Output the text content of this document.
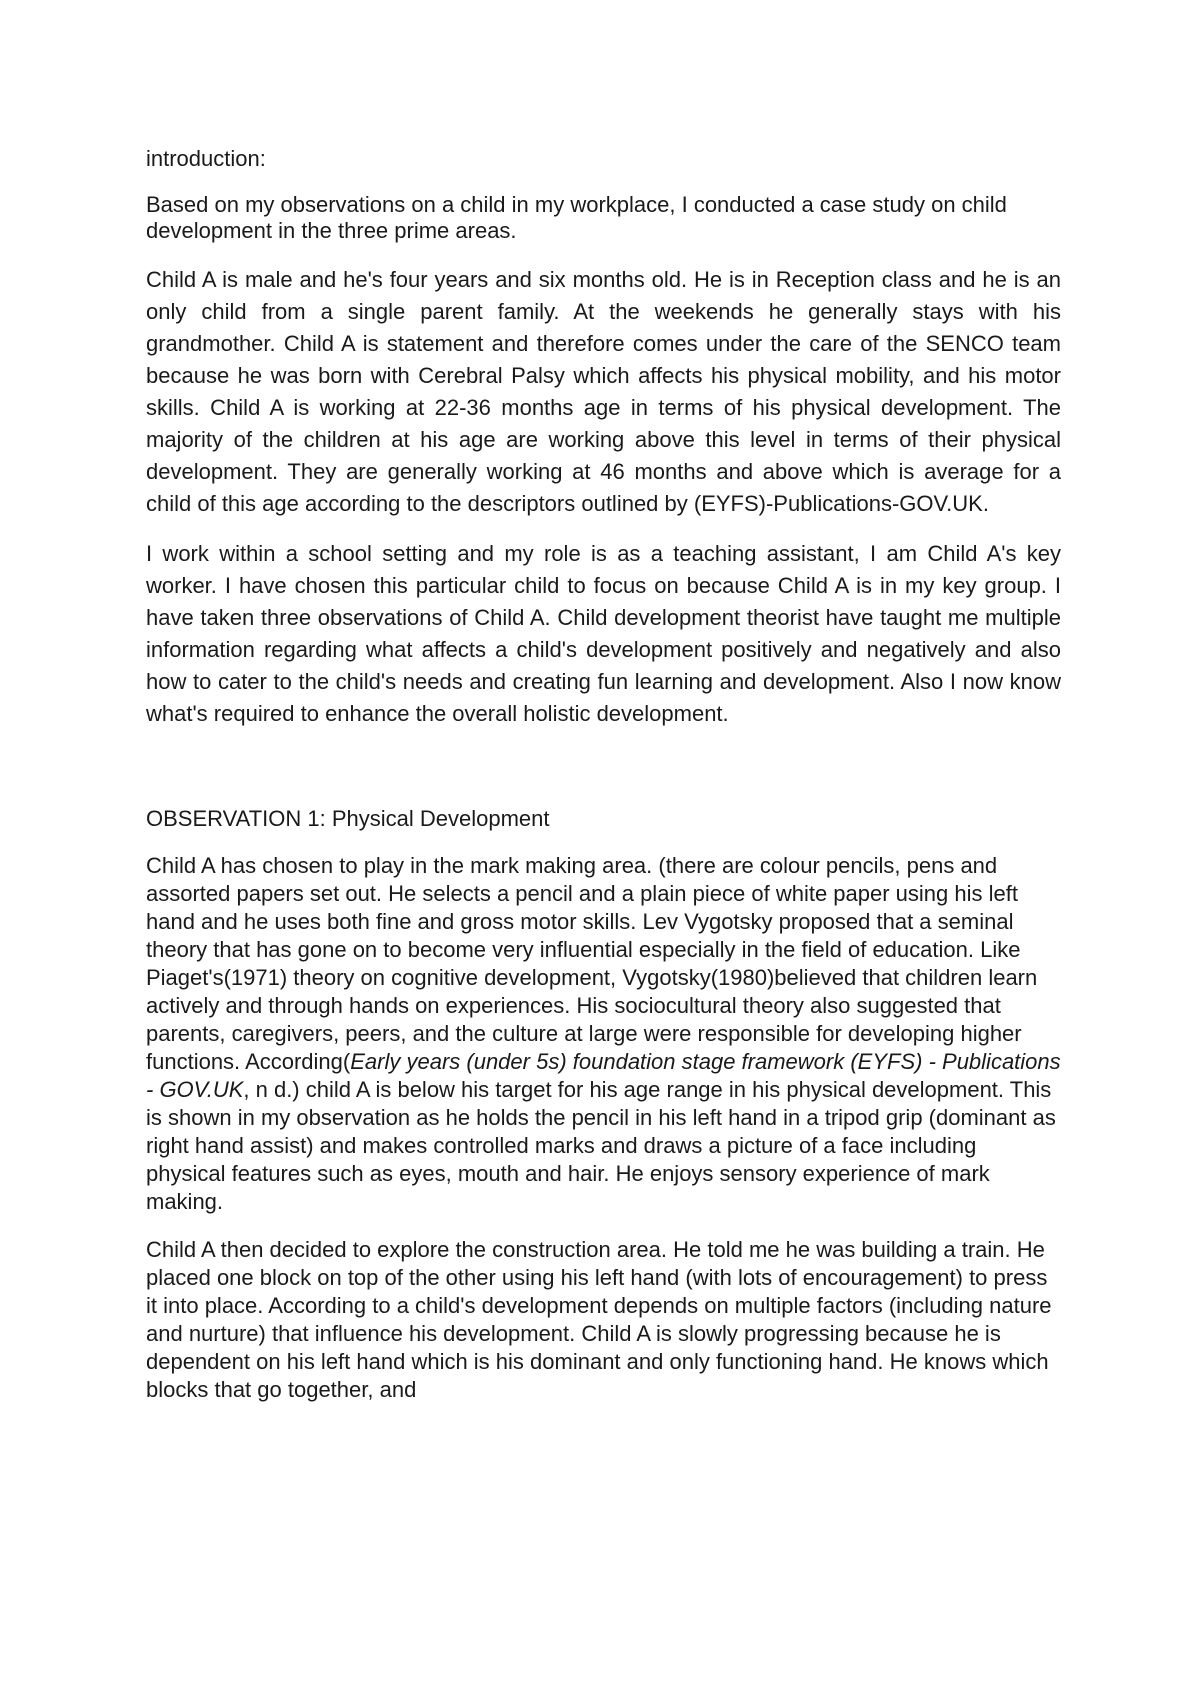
introduction:

Based on my observations on a child in my workplace, I conducted a case study on child development in the three prime areas.

Child A is male and he's four years and six months old. He is in Reception class and he is an only child from a single parent family. At the weekends he generally stays with his grandmother. Child A is statement and therefore comes under the care of the SENCO team because he was born with Cerebral Palsy which affects his physical mobility, and his motor skills. Child A is working at 22-36 months age in terms of his physical development. The majority of the children at his age are working above this level in terms of their physical development. They are generally working at 46 months and above which is average for a child of this age according to the descriptors outlined by (EYFS)-Publications-GOV.UK.

I work within a school setting and my role is as a teaching assistant, I am Child A's key worker. I have chosen this particular child to focus on because Child A is in my key group. I have taken three observations of Child A. Child development theorist have taught me multiple information regarding what affects a child's development positively and negatively and also how to cater to the child's needs and creating fun learning and development. Also I now know what's required to enhance the overall holistic development.

OBSERVATION 1: Physical Development

Child A has chosen to play in the mark making area. (there are colour pencils, pens and assorted papers set out. He selects a pencil and a plain piece of white paper using his left hand and he uses both fine and gross motor skills. Lev Vygotsky proposed that a seminal theory that has gone on to become very influential especially in the field of education. Like Piaget's(1971) theory on cognitive development, Vygotsky(1980)believed that children learn actively and through hands on experiences. His sociocultural theory also suggested that parents, caregivers, peers, and the culture at large were responsible for developing higher functions. According(Early years (under 5s) foundation stage framework (EYFS) - Publications - GOV.UK, n d.) child A is below his target for his age range in his physical development. This is shown in my observation as he holds the pencil in his left hand in a tripod grip (dominant as right hand assist) and makes controlled marks and draws a picture of a face including physical features such as eyes, mouth and hair. He enjoys sensory experience of mark making.

Child A then decided to explore the construction area. He told me he was building a train. He placed one block on top of the other using his left hand (with lots of encouragement) to press it into place. According to a child's development depends on multiple factors (including nature and nurture) that influence his development. Child A is slowly progressing because he is dependent on his left hand which is his dominant and only functioning hand. He knows which blocks that go together, and
